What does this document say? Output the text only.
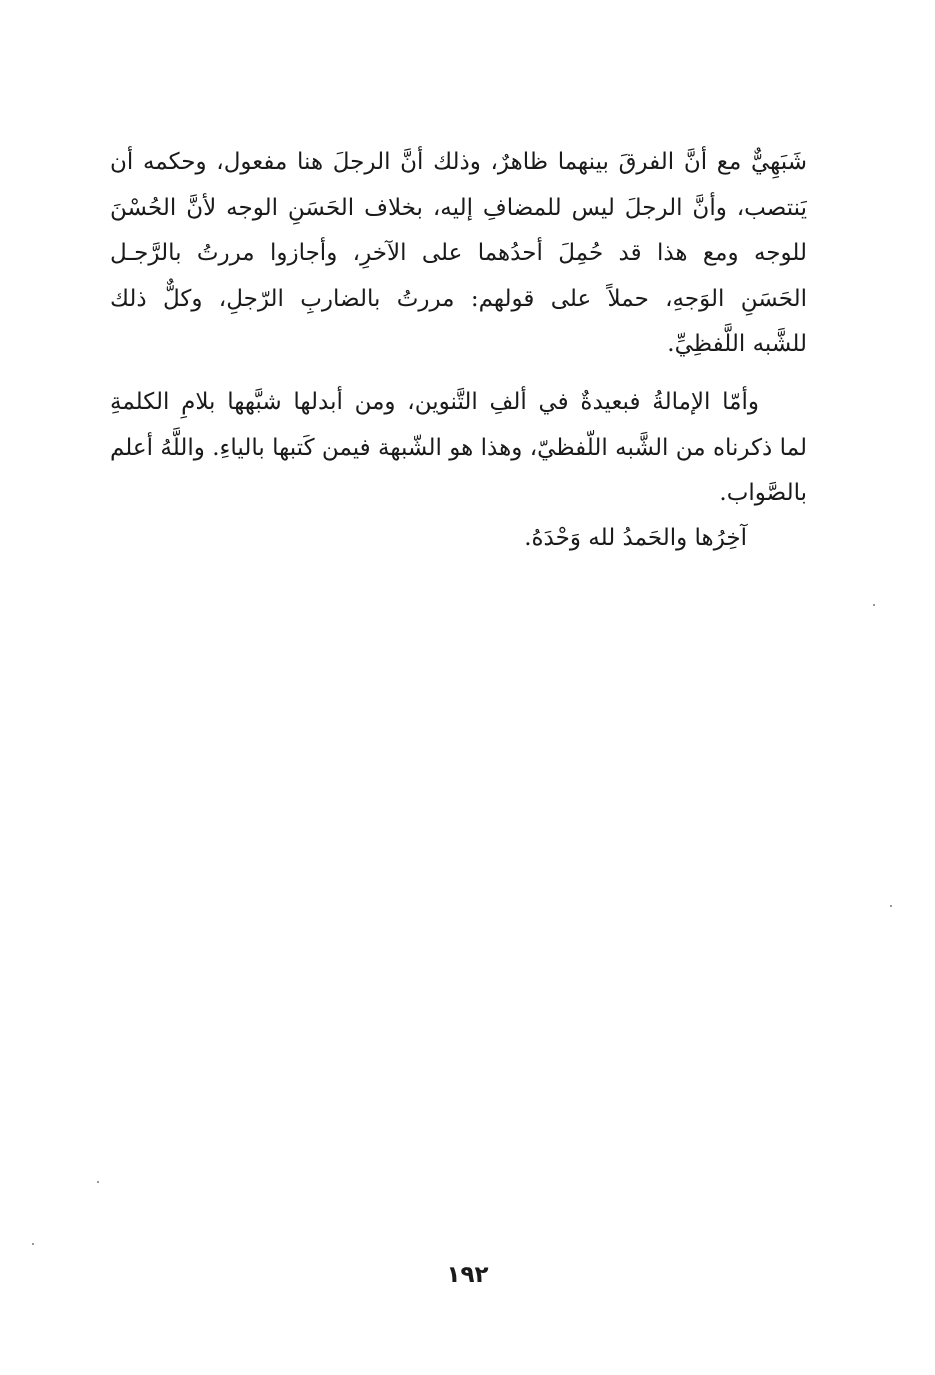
شَبَهِيٌّ مع أنَّ الفرقَ بينهما ظاهرٌ، وذلك أنَّ الرجلَ هنا مفعول، وحكمه أن
يَنتصب، وأنَّ الرجلَ ليس للمضافِ إليه، بخلاف الحَسَنِ الوجه لأنَّ الحُسْنَ
للوجه ومع هذا قد حُمِلَ أحدُهما على الآخرِ، وأجازوا مررتُ بالرَّجـل
الحَسَنِ الوَجهِ، حملاً على قولهم: مررتُ بالضاربِ الرّجلِ، وكلٌّ ذلك
للشَّبه اللَّفظِيِّ.
وأمّا الإمالةُ فبعيدةٌ في ألفِ التَّنوين، ومن أبدلها شبَّهها بلامِ الكلمةِ
لما ذكرناه من الشَّبه اللّفظيّ، وهذا هو الشّبهة فيمن كَتبها بالياءِ. واللَّهُ أعلم
بالصَّواب.
آخِرُها والحَمدُ لله وَحْدَهُ.
١٩٢
